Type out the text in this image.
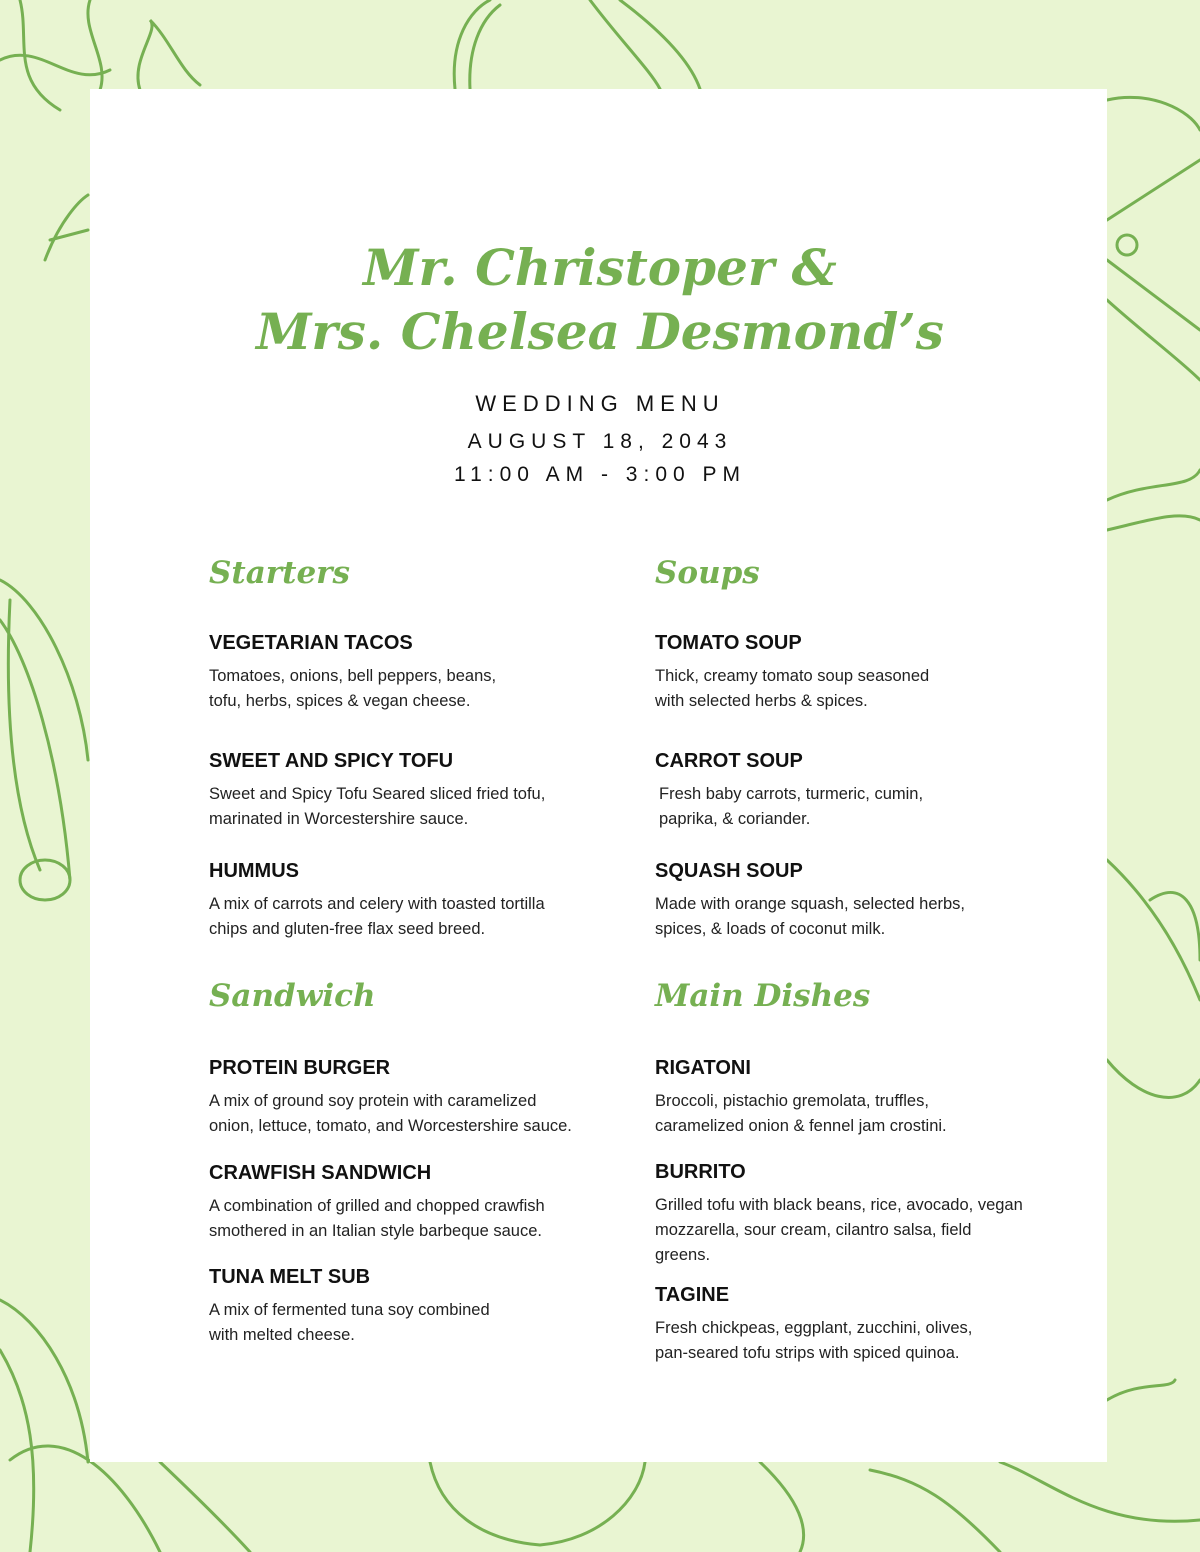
Mr. Christoper &
Mrs. Chelsea Desmond’s
WEDDING MENU
AUGUST 18, 2043
11:00 AM - 3:00 PM
Starters	Soups
Sandwich	Main Dishes
VEGETARIAN TACOS
Tomatoes, onions, bell peppers, beans,
tofu, herbs, spices & vegan cheese.
SWEET AND SPICY TOFU
Sweet and Spicy Tofu Seared sliced fried tofu,
marinated in Worcestershire sauce.
HUMMUS
A mix of carrots and celery with toasted tortilla
chips and gluten-free flax seed breed.
TOMATO SOUP
Thick, creamy tomato soup seasoned
with selected herbs & spices.
CARROT SOUP
Fresh baby carrots, turmeric, cumin,
paprika, & coriander.
SQUASH SOUP
Made with orange squash, selected herbs,
spices, & loads of coconut milk.
PROTEIN BURGER
A mix of ground soy protein with caramelized
onion, lettuce, tomato, and Worcestershire sauce.
CRAWFISH SANDWICH
A combination of grilled and chopped crawfish
smothered in an Italian style barbeque sauce.
TUNA MELT SUB
A mix of fermented tuna soy combined
with melted cheese.
RIGATONI
Broccoli, pistachio gremolata, truffles,
caramelized onion & fennel jam crostini.
BURRITO
Grilled tofu with black beans, rice, avocado, vegan
mozzarella, sour cream, cilantro salsa, field
greens.
TAGINE
Fresh chickpeas, eggplant, zucchini, olives,
pan-seared tofu strips with spiced quinoa.
